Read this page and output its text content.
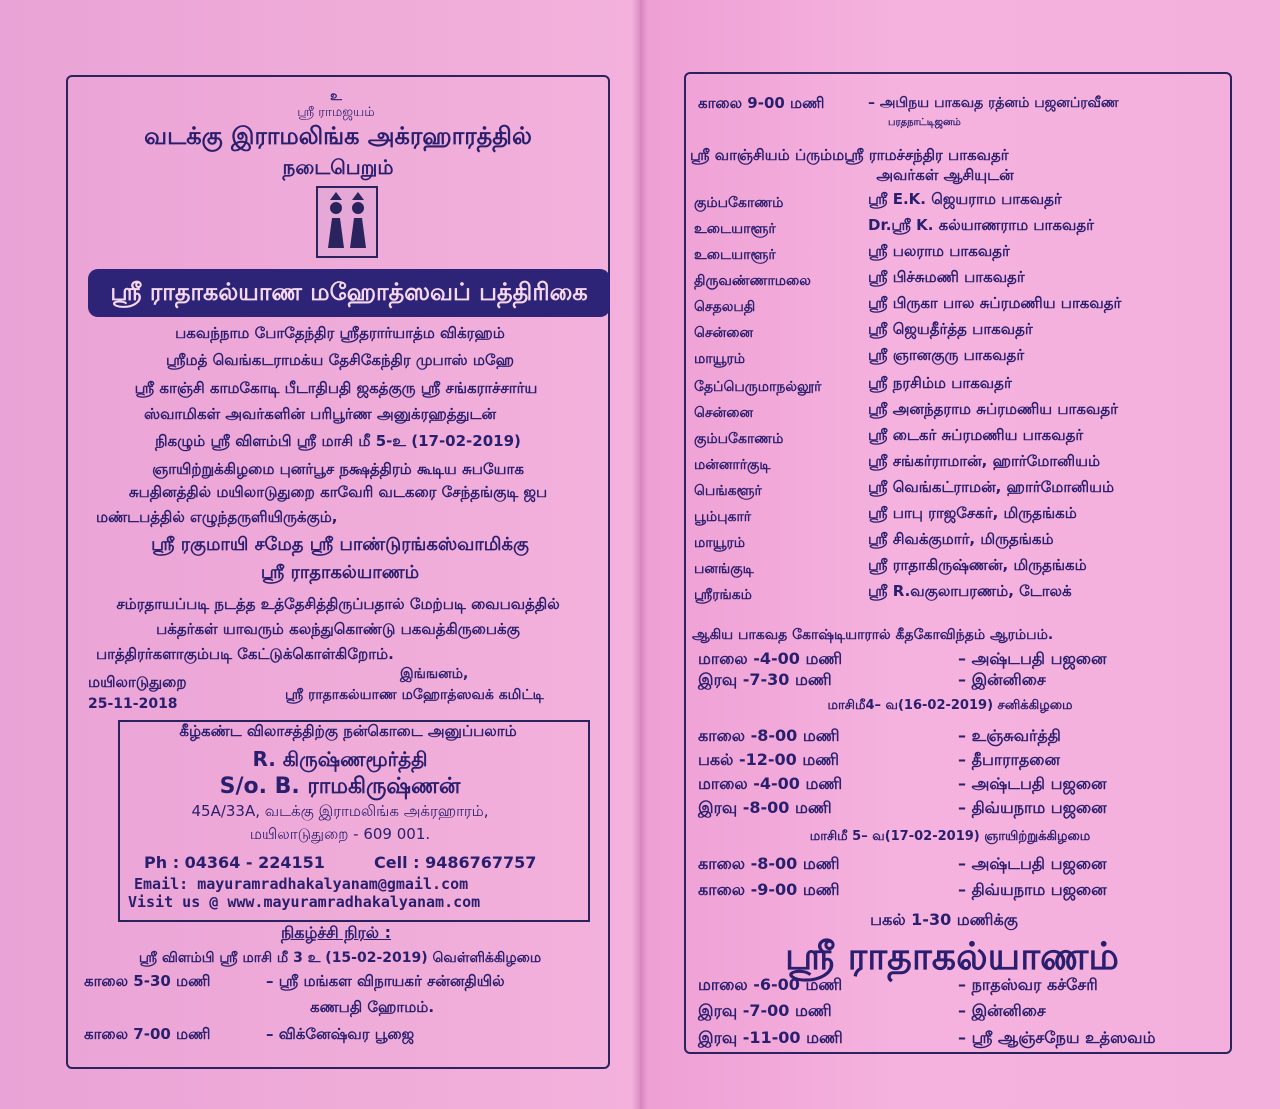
உ
ஸ்ரீ ராமஜயம்
வடக்கு இராமலிங்க அக்ரஹாரத்தில்
நடைபெறும்
ஸ்ரீ ராதாகல்யாண மஹோத்ஸவப் பத்திரிகை
பகவந்நாம போதேந்திர ஸ்ரீதரார்யாத்ம விக்ரஹம்
ஸ்ரீமத் வெங்கடராமக்ய தேசிகேந்திர முபாஸ் மஹே
ஸ்ரீ காஞ்சி காமகோடி பீடாதிபதி ஜகத்குரு ஸ்ரீ சங்கராச்சார்ய
ஸ்வாமிகள் அவர்களின் பரிபூர்ண அனுக்ரஹத்துடன்
நிகழும் ஸ்ரீ விளம்பி ஸ்ரீ மாசி மீ 5-உ (17-02-2019)
ஞாயிற்றுக்கிழமை புனர்பூச நக்ஷத்திரம் கூடிய சுபயோக
சுபதினத்தில் மயிலாடுதுறை காவேரி வடகரை சேந்தங்குடி ஜப
மண்டபத்தில் எழுந்தருளியிருக்கும்,
ஸ்ரீ ரகுமாயி சமேத ஸ்ரீ பாண்டுரங்கஸ்வாமிக்கு
ஸ்ரீ ராதாகல்யாணம்
சம்ரதாயப்படி நடத்த உத்தேசித்திருப்பதால் மேற்படி வைபவத்தில்
பக்தர்கள் யாவரும் கலந்துகொண்டு பகவத்கிருபைக்கு
பாத்திரர்களாகும்படி கேட்டுக்கொள்கிறோம்.
இங்ஙனம்,
மயிலாடுதுறை
ஸ்ரீ ராதாகல்யாண மஹோத்ஸவக் கமிட்டி
25-11-2018
கீழ்கண்ட விலாசத்திற்கு நன்கொடை அனுப்பலாம்
R. கிருஷ்ணமூர்த்தி
S/o. B. ராமகிருஷ்ணன்
45A/33A, வடக்கு இராமலிங்க அக்ரஹாரம்,
மயிலாடுதுறை - 609 001.
Ph : 04364 - 224151	Cell : 9486767757
Email: mayuramradhakalyanam@gmail.com
Visit us @ www.mayuramradhakalyanam.com
நிகழ்ச்சி நிரல் :
ஸ்ரீ விளம்பி ஸ்ரீ மாசி மீ 3 உ (15-02-2019) வெள்ளிக்கிழமை
காலை 5-30 மணி	– ஸ்ரீ மங்கள விநாயகர் சன்னதியில்
கணபதி ஹோமம்.
காலை 7-00 மணி	– விக்னேஷ்வர பூஜை
காலை 9-00 மணி	– அபிநய பாகவத ரத்னம் பஜனப்ரவீண
பரதநாட்டிஜனம்
ஸ்ரீ வாஞ்சியம் ப்ரும்மஸ்ரீ ராமச்சந்திர பாகவதர்
அவர்கள் ஆசியுடன்
கும்பகோணம்	ஸ்ரீ E.K. ஜெயராம பாகவதர்
உடையாளூர்	Dr.ஸ்ரீ K. கல்யாணராம பாகவதர்
உடையாளூர்	ஸ்ரீ பலராம பாகவதர்
திருவண்ணாமலை	ஸ்ரீ பிச்சுமணி பாகவதர்
செதலபதி	ஸ்ரீ பிருகா பால சுப்ரமணிய பாகவதர்
சென்னை	ஸ்ரீ ஜெயதீர்த்த பாகவதர்
மாயூரம்	ஸ்ரீ ஞானகுரு பாகவதர்
தேப்பெருமாநல்லூர்	ஸ்ரீ நரசிம்ம பாகவதர்
சென்னை	ஸ்ரீ அனந்தராம சுப்ரமணிய பாகவதர்
கும்பகோணம்	ஸ்ரீ டைகர் சுப்ரமணிய பாகவதர்
மன்னார்குடி	ஸ்ரீ சங்கர்ராமான், ஹார்மோனியம்
பெங்களூர்	ஸ்ரீ வெங்கட்ராமன், ஹார்மோனியம்
பூம்புகார்	ஸ்ரீ பாபு ராஜசேகர், மிருதங்கம்
மாயூரம்	ஸ்ரீ சிவக்குமார், மிருதங்கம்
பனங்குடி	ஸ்ரீ ராதாகிருஷ்ணன், மிருதங்கம்
ஸ்ரீரங்கம்	ஸ்ரீ R.வகுலாபரணம், டோலக்
ஆகிய பாகவத கோஷ்டியாரால் கீதகோவிந்தம் ஆரம்பம்.
மாலை -4-00 மணி	– அஷ்டபதி பஜனை
இரவு -7-30 மணி	– இன்னிசை
மாசிமீ4– வ(16-02-2019) சனிக்கிழமை
காலை -8-00 மணி	– உஞ்சுவர்த்தி
பகல் -12-00 மணி	– தீபாராதனை
மாலை -4-00 மணி	– அஷ்டபதி பஜனை
இரவு -8-00 மணி	– திவ்யநாம பஜனை
மாசிமீ 5– வ(17-02-2019) ஞாயிற்றுக்கிழமை
காலை -8-00 மணி	– அஷ்டபதி பஜனை
காலை -9-00 மணி	– திவ்யநாம பஜனை
பகல் 1-30 மணிக்கு
ஸ்ரீ ராதாகல்யாணம்
மாலை -6-00 மணி	– நாதஸ்வர கச்சேரி
இரவு -7-00 மணி	– இன்னிசை
இரவு -11-00 மணி	– ஸ்ரீ ஆஞ்சநேய உத்ஸவம்
